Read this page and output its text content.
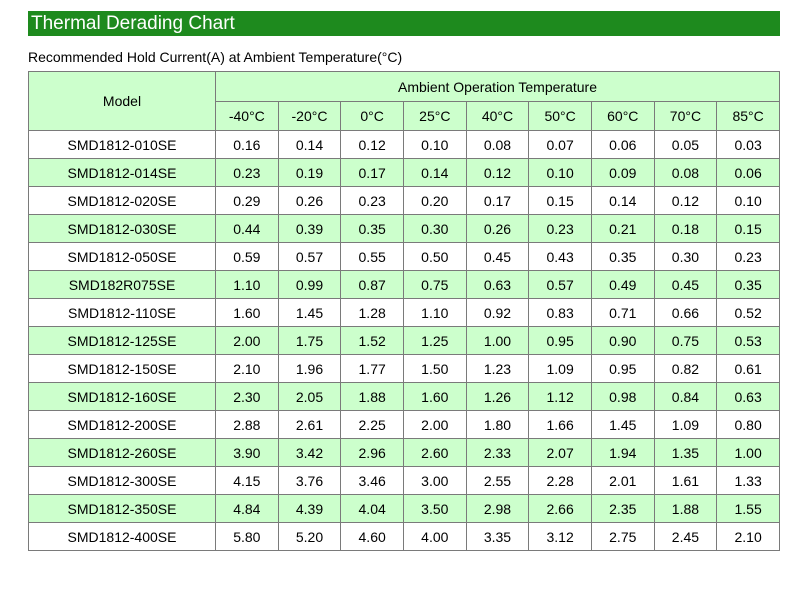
Thermal Derading Chart
Recommended Hold Current(A) at Ambient Temperature(°C)
Model	Ambient Operation Temperature								
	-40°C	-20°C	0°C	25°C	40°C	50°C	60°C	70°C	85°C
SMD1812-010SE	0.16	0.14	0.12	0.10	0.08	0.07	0.06	0.05	0.03
SMD1812-014SE	0.23	0.19	0.17	0.14	0.12	0.10	0.09	0.08	0.06
SMD1812-020SE	0.29	0.26	0.23	0.20	0.17	0.15	0.14	0.12	0.10
SMD1812-030SE	0.44	0.39	0.35	0.30	0.26	0.23	0.21	0.18	0.15
SMD1812-050SE	0.59	0.57	0.55	0.50	0.45	0.43	0.35	0.30	0.23
SMD182R075SE	1.10	0.99	0.87	0.75	0.63	0.57	0.49	0.45	0.35
SMD1812-110SE	1.60	1.45	1.28	1.10	0.92	0.83	0.71	0.66	0.52
SMD1812-125SE	2.00	1.75	1.52	1.25	1.00	0.95	0.90	0.75	0.53
SMD1812-150SE	2.10	1.96	1.77	1.50	1.23	1.09	0.95	0.82	0.61
SMD1812-160SE	2.30	2.05	1.88	1.60	1.26	1.12	0.98	0.84	0.63
SMD1812-200SE	2.88	2.61	2.25	2.00	1.80	1.66	1.45	1.09	0.80
SMD1812-260SE	3.90	3.42	2.96	2.60	2.33	2.07	1.94	1.35	1.00
SMD1812-300SE	4.15	3.76	3.46	3.00	2.55	2.28	2.01	1.61	1.33
SMD1812-350SE	4.84	4.39	4.04	3.50	2.98	2.66	2.35	1.88	1.55
SMD1812-400SE	5.80	5.20	4.60	4.00	3.35	3.12	2.75	2.45	2.10
